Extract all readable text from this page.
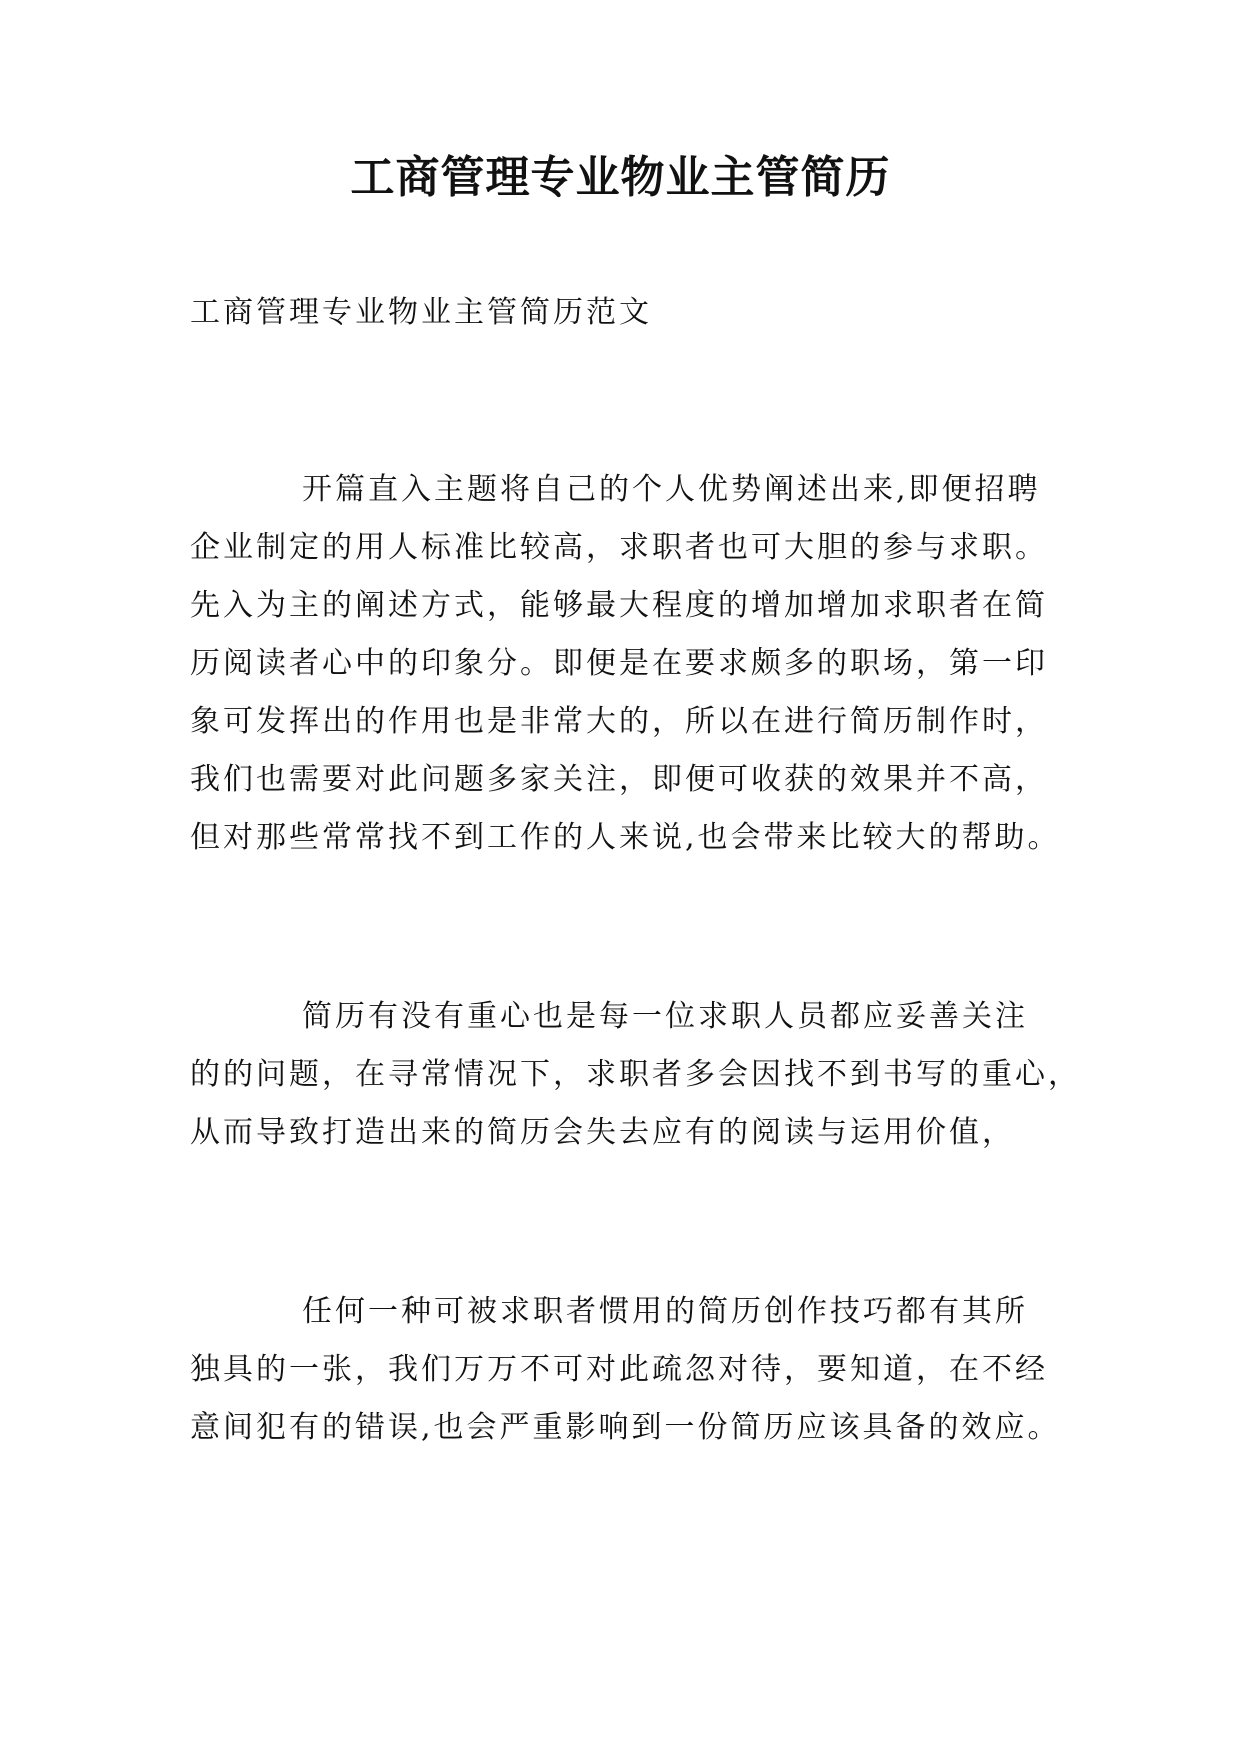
工商管理专业物业主管简历

工商管理专业物业主管简历范文

开篇直入主题将自己的个人优势阐述出来,即便招聘
企业制定的用人标准比较高，求职者也可大胆的参与求职。
先入为主的阐述方式，能够最大程度的增加增加求职者在简
历阅读者心中的印象分。即便是在要求颇多的职场，第一印
象可发挥出的作用也是非常大的，所以在进行简历制作时，
我们也需要对此问题多家关注，即便可收获的效果并不高，
但对那些常常找不到工作的人来说,也会带来比较大的帮助。
简历有没有重心也是每一位求职人员都应妥善关注
的的问题，在寻常情况下，求职者多会因找不到书写的重心，
从而导致打造出来的简历会失去应有的阅读与运用价值，
任何一种可被求职者惯用的简历创作技巧都有其所
独具的一张，我们万万不可对此疏忽对待，要知道，在不经
意间犯有的错误,也会严重影响到一份简历应该具备的效应。
